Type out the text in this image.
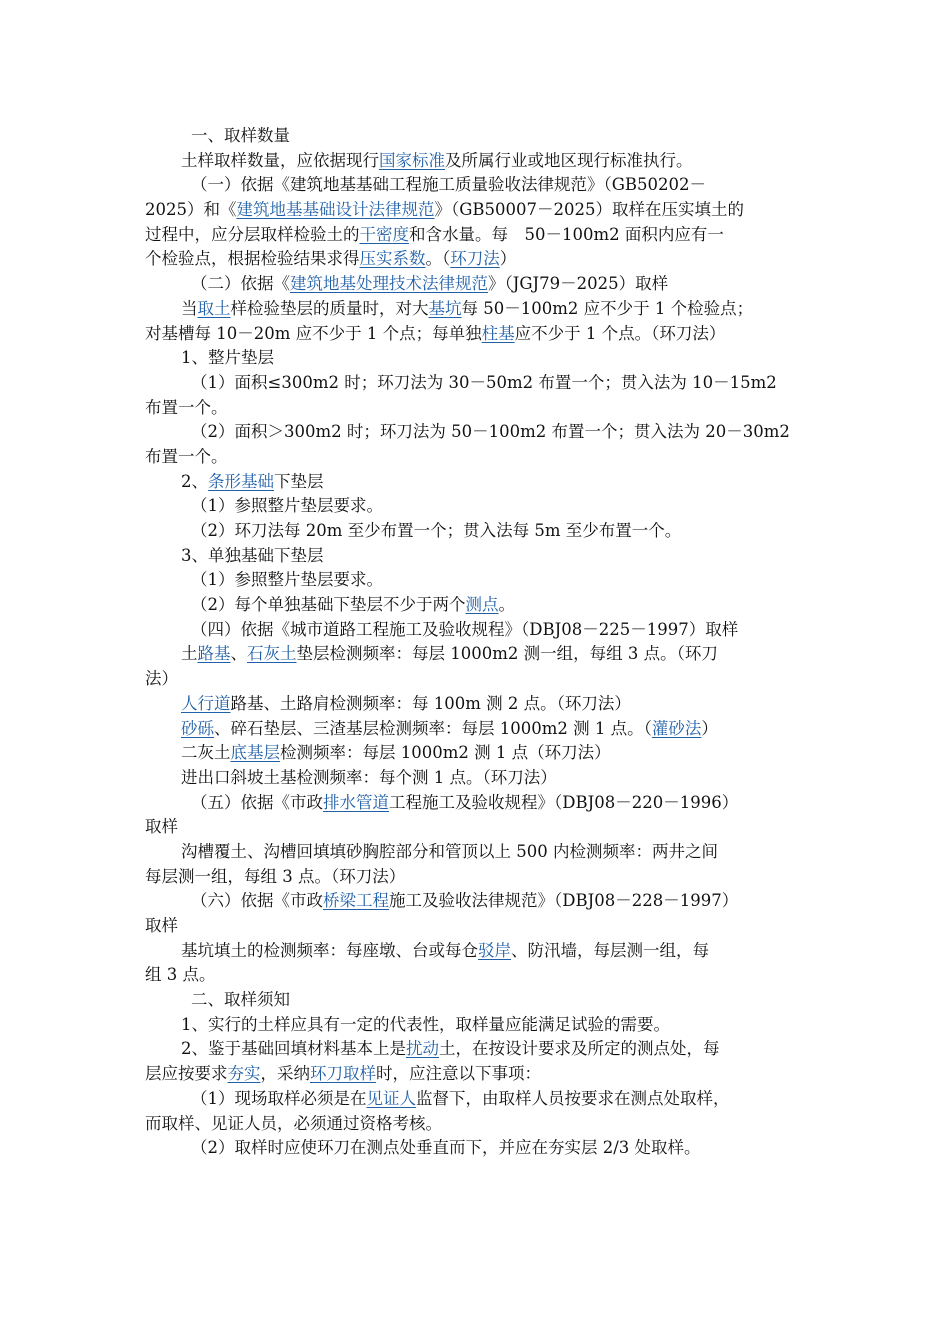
一、取样数量
土样取样数量，应依据现行国家标准及所属行业或地区现行标准执行。
（一）依据《建筑地基基础工程施工质量验收法律规范》（GB50202－
2025）和《建筑地基基础设计法律规范》（GB50007－2025）取样在压实填土的
过程中，应分层取样检验土的干密度和含水量。每　50－100m2 面积内应有一
个检验点，根据检验结果求得压实系数。（环刀法）
（二）依据《建筑地基处理技术法律规范》（JGJ79－2025）取样
当取土样检验垫层的质量时，对大基坑每 50－100m2 应不少于 1 个检验点；
对基槽每 10－20m 应不少于 1 个点；每单独柱基应不少于 1 个点。（环刀法）
1、整片垫层
（1）面积≤300m2 时；环刀法为 30－50m2 布置一个；贯入法为 10－15m2
布置一个。
（2）面积＞300m2 时；环刀法为 50－100m2 布置一个；贯入法为 20－30m2
布置一个。
2、条形基础下垫层
（1）参照整片垫层要求。
（2）环刀法每 20m 至少布置一个；贯入法每 5m 至少布置一个。
3、单独基础下垫层
（1）参照整片垫层要求。
（2）每个单独基础下垫层不少于两个测点。
（四）依据《城市道路工程施工及验收规程》（DBJ08－225－1997）取样
土路基、石灰土垫层检测频率：每层 1000m2 测一组，每组 3 点。（环刀
法）
人行道路基、土路肩检测频率：每 100m 测 2 点。（环刀法）
砂砾、碎石垫层、三渣基层检测频率：每层 1000m2 测 1 点。（灌砂法）
二灰土底基层检测频率：每层 1000m2 测 1 点（环刀法）
进出口斜坡土基检测频率：每个测 1 点。（环刀法）
（五）依据《市政排水管道工程施工及验收规程》（DBJ08－220－1996）
取样
沟槽覆土、沟槽回填填砂胸腔部分和管顶以上 500 内检测频率：两井之间
每层测一组，每组 3 点。（环刀法）
（六）依据《市政桥梁工程施工及验收法律规范》（DBJ08－228－1997）
取样
基坑填土的检测频率：每座墩、台或每仓驳岸、防汛墙，每层测一组，每
组 3 点。
二、取样须知
1、实行的土样应具有一定的代表性，取样量应能满足试验的需要。
2、鉴于基础回填材料基本上是扰动土，在按设计要求及所定的测点处，每
层应按要求夯实，采纳环刀取样时，应注意以下事项：
（1）现场取样必须是在见证人监督下，由取样人员按要求在测点处取样，
而取样、见证人员，必须通过资格考核。
（2）取样时应使环刀在测点处垂直而下，并应在夯实层 2/3 处取样。
